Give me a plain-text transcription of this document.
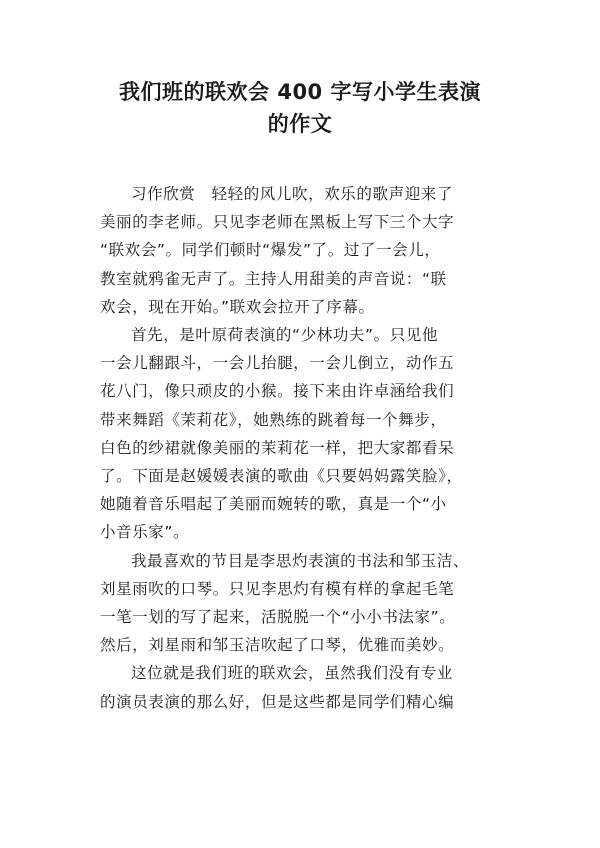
我们班的联欢会 400 字写小学生表演
的作文

习作欣赏　轻轻的风儿吹，欢乐的歌声迎来了
美丽的李老师。只见李老师在黑板上写下三个大字
“联欢会”。同学们顿时“爆发”了。过了一会儿，
教室就鸦雀无声了。主持人用甜美的声音说：“联
欢会，现在开始。”联欢会拉开了序幕。

首先，是叶原荷表演的“少林功夫”。只见他
一会儿翻跟斗，一会儿抬腿，一会儿倒立，动作五
花八门，像只顽皮的小猴。接下来由许卓涵给我们
带来舞蹈《茉莉花》，她熟练的跳着每一个舞步，
白色的纱裙就像美丽的茉莉花一样，把大家都看呆
了。下面是赵媛媛表演的歌曲《只要妈妈露笑脸》，
她随着音乐唱起了美丽而婉转的歌，真是一个“小
小音乐家”。

我最喜欢的节目是李思灼表演的书法和邹玉洁、
刘星雨吹的口琴。只见李思灼有模有样的拿起毛笔
一笔一划的写了起来，活脱脱一个“小小书法家”。
然后，刘星雨和邹玉洁吹起了口琴，优雅而美妙。

这位就是我们班的联欢会，虽然我们没有专业
的演员表演的那么好，但是这些都是同学们精心编
